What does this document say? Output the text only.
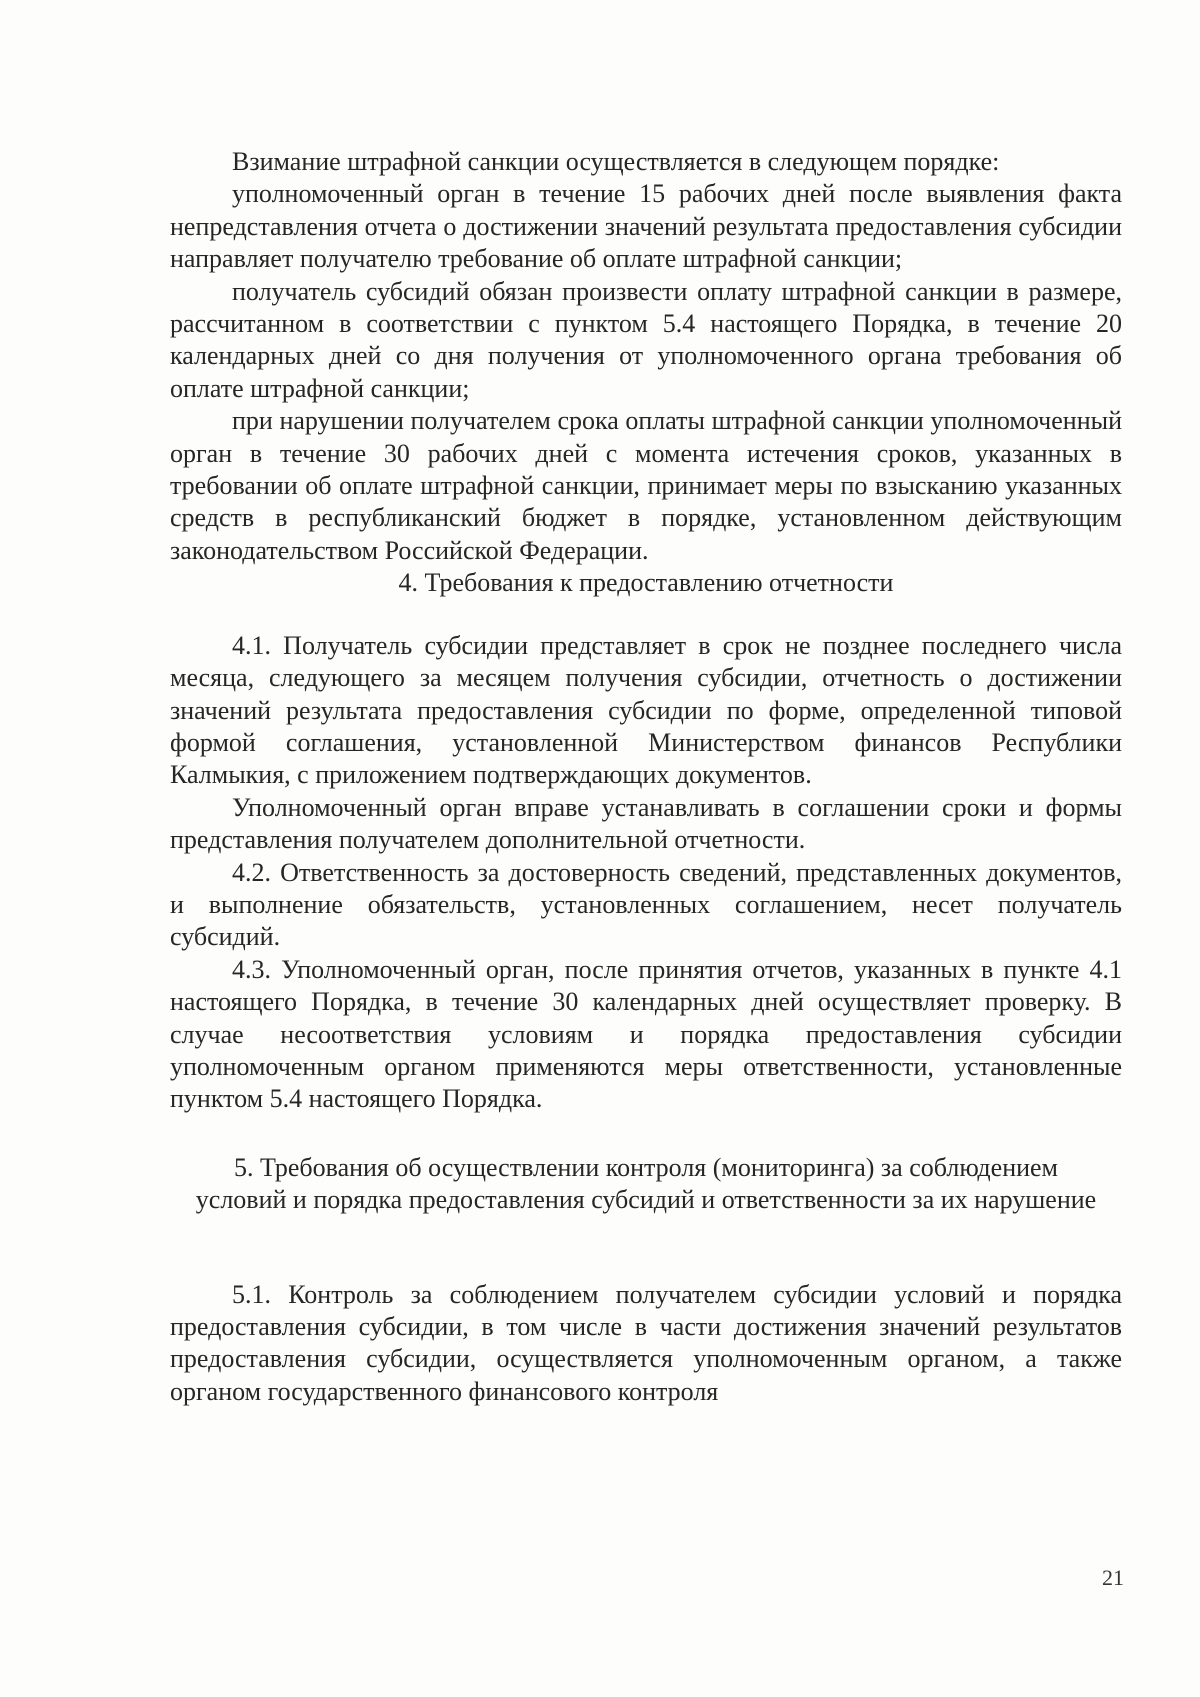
Взимание штрафной санкции осуществляется в следующем порядке:

уполномоченный орган в течение 15 рабочих дней после выявления факта непредставления отчета о достижении значений результата предоставления субсидии направляет получателю требование об оплате штрафной санкции;

получатель субсидий обязан произвести оплату штрафной санкции в размере, рассчитанном в соответствии с пунктом 5.4 настоящего Порядка, в течение 20 календарных дней со дня получения от уполномоченного органа требования об оплате штрафной санкции;

при нарушении получателем срока оплаты штрафной санкции уполномоченный орган в течение 30 рабочих дней с момента истечения сроков, указанных в требовании об оплате штрафной санкции, принимает меры по взысканию указанных средств в республиканский бюджет в порядке, установленном действующим законодательством Российской Федерации.

4. Требования к предоставлению отчетности

4.1. Получатель субсидии представляет в срок не позднее последнего числа месяца, следующего за месяцем получения субсидии, отчетность о достижении значений результата предоставления субсидии по форме, определенной типовой формой соглашения, установленной Министерством финансов Республики Калмыкия, с приложением подтверждающих документов.

Уполномоченный орган вправе устанавливать в соглашении сроки и формы представления получателем дополнительной отчетности.

4.2. Ответственность за достоверность сведений, представленных документов, и выполнение обязательств, установленных соглашением, несет получатель субсидий.

4.3. Уполномоченный орган, после принятия отчетов, указанных в пункте 4.1 настоящего Порядка, в течение 30 календарных дней осуществляет проверку. В случае несоответствия условиям и порядка предоставления субсидии уполномоченным органом применяются меры ответственности, установленные пунктом 5.4 настоящего Порядка.

5. Требования об осуществлении контроля (мониторинга) за соблюдением условий и порядка предоставления субсидий и ответственности за их нарушение

5.1. Контроль за соблюдением получателем субсидии условий и порядка предоставления субсидии, в том числе в части достижения значений результатов предоставления субсидии, осуществляется уполномоченным органом, а также органом государственного финансового контроля

21
